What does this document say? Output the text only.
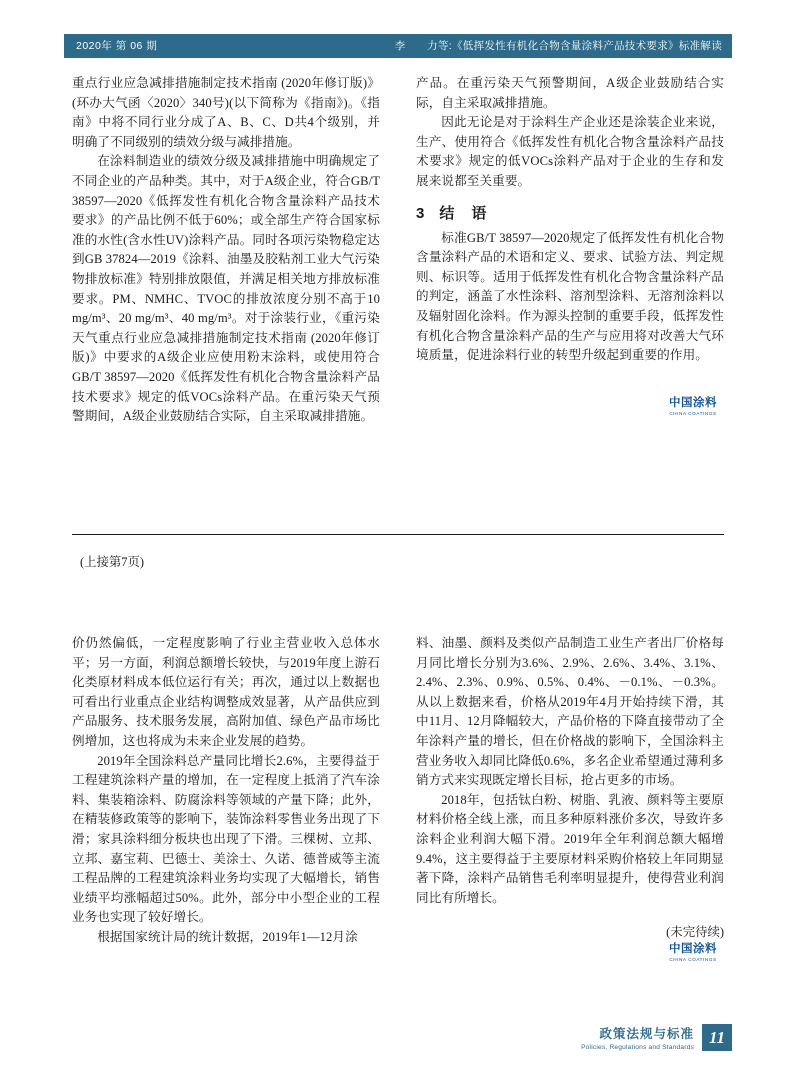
2020年 第 06 期	李　　力等:《低挥发性有机化合物含量涂料产品技术要求》标准解读

重点行业应急减排措施制定技术指南 (2020年修订版)》(环办大气函〈2020〉340号)(以下简称为《指南》)。《指南》中将不同行业分成了A、B、C、D共4个级别，并明确了不同级别的绩效分级与减排措施。

在涂料制造业的绩效分级及减排措施中明确规定了不同企业的产品种类。其中，对于A级企业，符合GB/T 38597—2020《低挥发性有机化合物含量涂料产品技术要求》的产品比例不低于60%；或全部生产符合国家标准的水性(含水性UV)涂料产品。同时各项污染物稳定达到GB 37824—2019《涂料、油墨及胶粘剂工业大气污染物排放标准》特别排放限值，并满足相关地方排放标准要求。PM、NMHC、TVOC的排放浓度分别不高于10 mg/m³、20 mg/m³、40 mg/m³。对于涂装行业，《重污染天气重点行业应急减排措施制定技术指南 (2020年修订版)》中要求的A级企业应使用粉末涂料，或使用符合GB/T 38597—2020《低挥发性有机化合物含量涂料产品技术要求》规定的低VOCs涂料产品。在重污染天气预警期间，A级企业鼓励结合实际，自主采取减排措施。

产品。在重污染天气预警期间，A级企业鼓励结合实际，自主采取减排措施。

因此无论是对于涂料生产企业还是涂装企业来说，生产、使用符合《低挥发性有机化合物含量涂料产品技术要求》规定的低VOCs涂料产品对于企业的生存和发展来说都至关重要。

3 结　语

标准GB/T 38597—2020规定了低挥发性有机化合物含量涂料产品的术语和定义、要求、试验方法、判定规则、标识等。适用于低挥发性有机化合物含量涂料产品的判定，涵盖了水性涂料、溶剂型涂料、无溶剂涂料以及辐射固化涂料。作为源头控制的重要手段，低挥发性有机化合物含量涂料产品的生产与应用将对改善大气环境质量，促进涂料行业的转型升级起到重要的作用。

中国涂料
CHINA COATINGS
(上接第7页)

价仍然偏低，一定程度影响了行业主营业收入总体水平；另一方面，利润总额增长较快，与2019年度上游石化类原材料成本低位运行有关；再次，通过以上数据也可看出行业重点企业结构调整成效显著，从产品供应到产品服务、技术服务发展，高附加值、绿色产品市场比例增加，这也将成为未来企业发展的趋势。

2019年全国涂料总产量同比增长2.6%，主要得益于工程建筑涂料产量的增加，在一定程度上抵消了汽车涂料、集装箱涂料、防腐涂料等领域的产量下降；此外，在精装修政策等的影响下，装饰涂料零售业务出现了下滑；家具涂料细分板块也出现了下滑。三棵树、立邦、立邦、嘉宝莉、巴德士、美涂士、久诺、德普威等主流工程品牌的工程建筑涂料业务均实现了大幅增长，销售业绩平均涨幅超过50%。此外，部分中小型企业的工程业务也实现了较好增长。

根据国家统计局的统计数据，2019年1—12月涂

料、油墨、颜料及类似产品制造工业生产者出厂价格每月同比增长分别为3.6%、2.9%、2.6%、3.4%、3.1%、2.4%、2.3%、0.9%、0.5%、0.4%、－0.1%、－0.3%。从以上数据来看，价格从2019年4月开始持续下滑，其中11月、12月降幅较大，产品价格的下降直接带动了全年涂料产量的增长，但在价格战的影响下，全国涂料主营业务收入却同比降低0.6%，多名企业希望通过薄利多销方式来实现既定增长目标，抢占更多的市场。

2018年，包括钛白粉、树脂、乳液、颜料等主要原材料价格全线上涨，而且多种原料涨价多次，导致许多涂料企业利润大幅下滑。2019年全年利润总额大幅增9.4%，这主要得益于主要原材料采购价格较上年同期显著下降，涂料产品销售毛利率明显提升，使得营业利润同比有所增长。

(未完待续)
中国涂料
CHINA COATINGS
政策法规与标准
Policies, Regulations and Standards
11
